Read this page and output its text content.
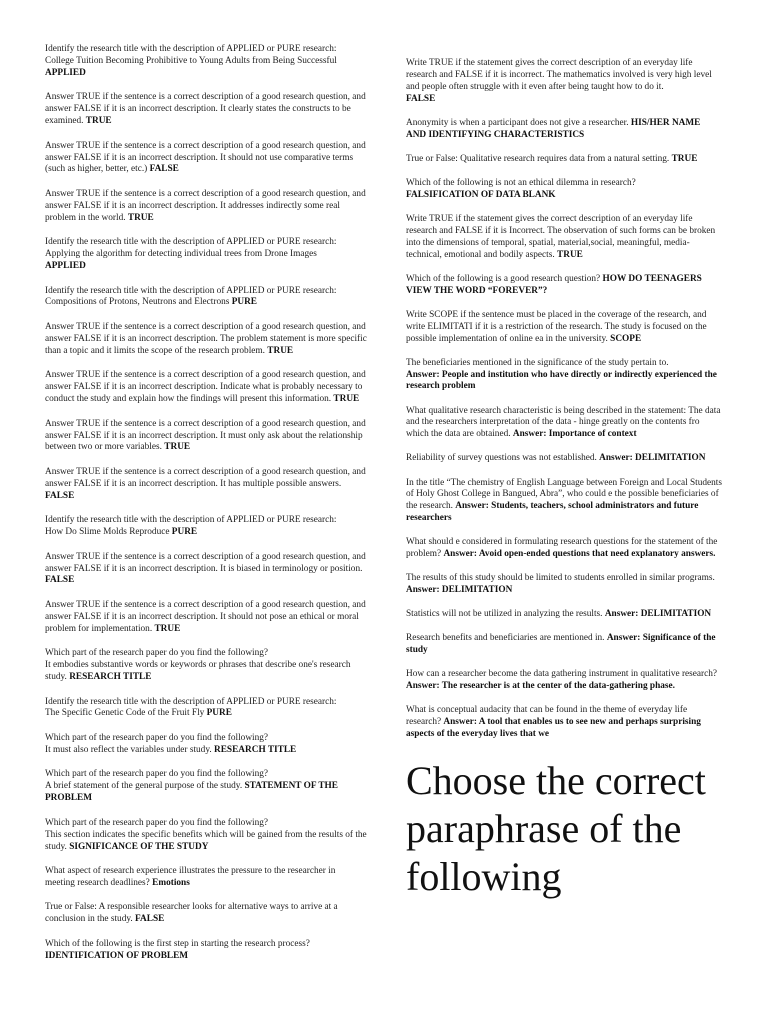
Identify the research title with the description of APPLIED or PURE research:
College Tuition Becoming Prohibitive to Young Adults from Being Successful APPLIED
Answer TRUE if the sentence is a correct description of a good research question, and answer FALSE if it is an incorrect description. It clearly states the constructs to be examined. TRUE
Answer TRUE if the sentence is a correct description of a good research question, and answer FALSE if it is an incorrect description. It should not use comparative terms (such as higher, better, etc.) FALSE
Answer TRUE if the sentence is a correct description of a good research question, and answer FALSE if it is an incorrect description. It addresses indirectly some real problem in the world. TRUE
Identify the research title with the description of APPLIED or PURE research:
Applying the algorithm for detecting individual trees from Drone Images
APPLIED
Identify the research title with the description of APPLIED or PURE research:
Compositions of Protons, Neutrons and Electrons PURE
Answer TRUE if the sentence is a correct description of a good research question, and answer FALSE if it is an incorrect description. The problem statement is more specific than a topic and it limits the scope of the research problem. TRUE
Answer TRUE if the sentence is a correct description of a good research question, and answer FALSE if it is an incorrect description. Indicate what is probably necessary to conduct the study and explain how the findings will present this information. TRUE
Answer TRUE if the sentence is a correct description of a good research question, and answer FALSE if it is an incorrect description. It must only ask about the relationship between two or more variables. TRUE
Answer TRUE if the sentence is a correct description of a good research question, and answer FALSE if it is an incorrect description. It has multiple possible answers. FALSE
Identify the research title with the description of APPLIED or PURE research:
How Do Slime Molds Reproduce PURE
Answer TRUE if the sentence is a correct description of a good research question, and answer FALSE if it is an incorrect description. It is biased in terminology or position. FALSE
Answer TRUE if the sentence is a correct description of a good research question, and answer FALSE if it is an incorrect description. It should not pose an ethical or moral problem for implementation. TRUE
Which part of the research paper do you find the following?
It embodies substantive words or keywords or phrases that describe one's research study. RESEARCH TITLE
Identify the research title with the description of APPLIED or PURE research:
The Specific Genetic Code of the Fruit Fly PURE
Which part of the research paper do you find the following?
It must also reflect the variables under study. RESEARCH TITLE
Which part of the research paper do you find the following?
A brief statement of the general purpose of the study. STATEMENT OF THE PROBLEM
Which part of the research paper do you find the following?
This section indicates the specific benefits which will be gained from the results of the study. SIGNIFICANCE OF THE STUDY
What aspect of research experience illustrates the pressure to the researcher in meeting research deadlines? Emotions
True or False: A responsible researcher looks for alternative ways to arrive at a conclusion in the study. FALSE
Which of the following is the first step in starting the research process?
IDENTIFICATION OF PROBLEM
Write TRUE if the statement gives the correct description of an everyday life research and FALSE if it is incorrect. The mathematics involved is very high level and people often struggle with it even after being taught how to do it.
FALSE
Anonymity is when a participant does not give a researcher. HIS/HER NAME AND IDENTIFYING CHARACTERISTICS
True or False: Qualitative research requires data from a natural setting. TRUE
Which of the following is not an ethical dilemma in research?
FALSIFICATION OF DATA BLANK
Write TRUE if the statement gives the correct description of an everyday life research and FALSE if it is Incorrect. The observation of such forms can be broken into the dimensions of temporal, spatial, material,social, meaningful, media-technical, emotional and bodily aspects. TRUE
Which of the following is a good research question? HOW DO TEENAGERS VIEW THE WORD “FOREVER”?
Write SCOPE if the sentence must be placed in the coverage of the research, and write ELIMITATI if it is a restriction of the research. The study is focused on the possible implementation of online ea in the university. SCOPE
The beneficiaries mentioned in the significance of the study pertain to.
Answer: People and institution who have directly or indirectly experienced the research problem
What qualitative research characteristic is being described in the statement: The data and the researchers interpretation of the data - hinge greatly on the contents fro which the data are obtained. Answer: Importance of context
Reliability of survey questions was not established. Answer: DELIMITATION
In the title “The chemistry of English Language between Foreign and Local Students of Holy Ghost College in Bangued, Abra”, who could e the possible beneficiaries of the research. Answer: Students, teachers, school administrators and future researchers
What should e considered in formulating research questions for the statement of the problem? Answer: Avoid open-ended questions that need explanatory answers.
The results of this study should be limited to students enrolled in similar programs. Answer: DELIMITATION
Statistics will not be utilized in analyzing the results. Answer: DELIMITATION
Research benefits and beneficiaries are mentioned in. Answer: Significance of the study
How can a researcher become the data gathering instrument in qualitative research? Answer: The researcher is at the center of the data-gathering phase.
What is conceptual audacity that can be found in the theme of everyday life research? Answer: A tool that enables us to see new and perhaps surprising aspects of the everyday lives that we
Choose the correct paraphrase of the following
